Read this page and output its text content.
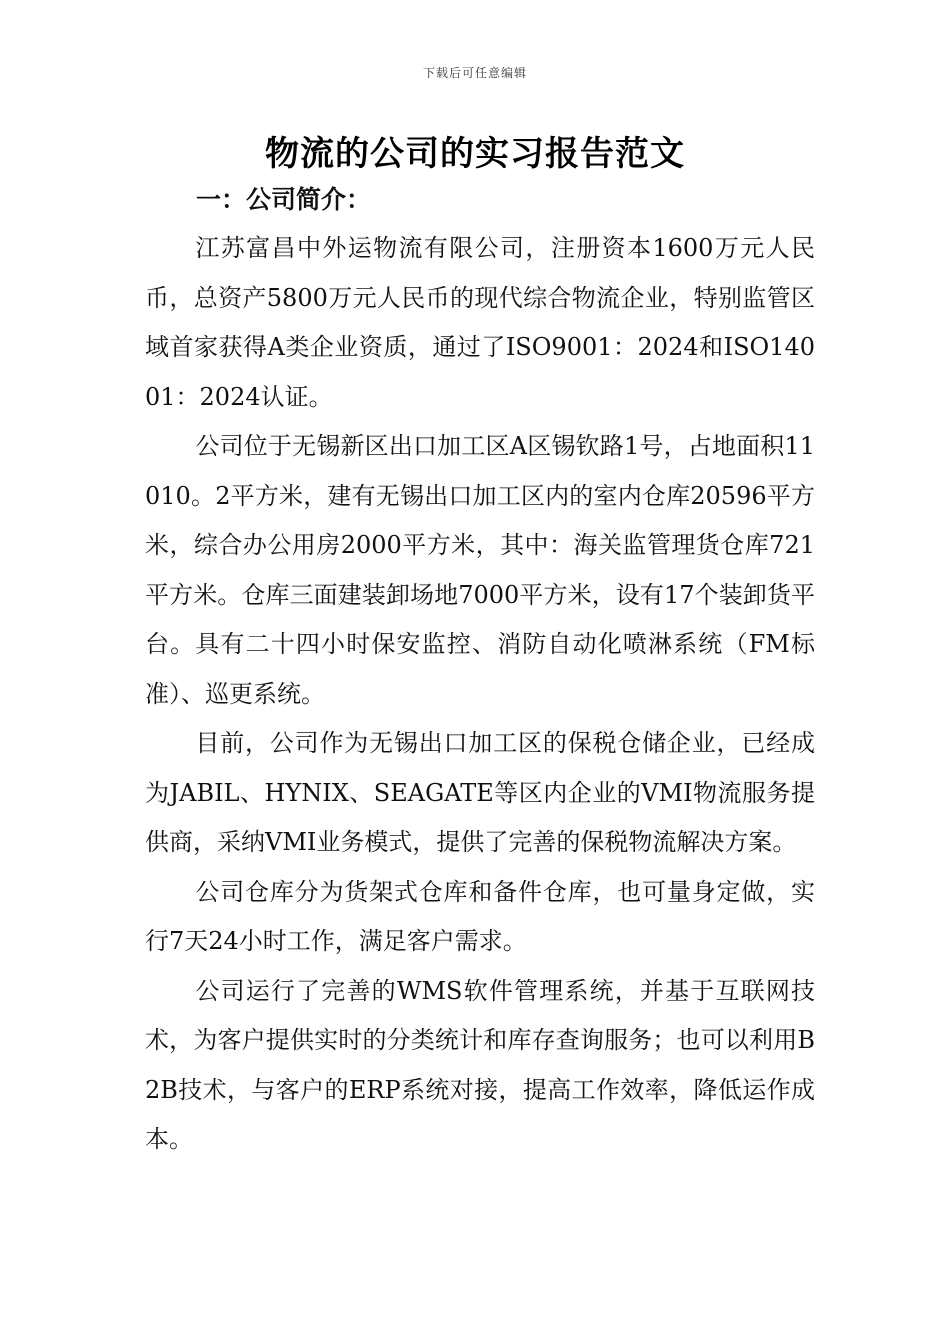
下载后可任意编辑
物流的公司的实习报告范文
一：公司简介：

江苏富昌中外运物流有限公司，注册资本1600万元人民币，总资产5800万元人民币的现代综合物流企业，特别监管区域首家获得A类企业资质，通过了ISO9001：2024和ISO14001：2024认证。

公司位于无锡新区出口加工区A区锡钦路1号，占地面积11010。2平方米，建有无锡出口加工区内的室内仓库20596平方米，综合办公用房2000平方米，其中：海关监管理货仓库721平方米。仓库三面建装卸场地7000平方米，设有17个装卸货平台。具有二十四小时保安监控、消防自动化喷淋系统（FM标准）、巡更系统。

目前，公司作为无锡出口加工区的保税仓储企业，已经成为JABIL、HYNIX、SEAGATE等区内企业的VMI物流服务提供商，采纳VMI业务模式，提供了完善的保税物流解决方案。

公司仓库分为货架式仓库和备件仓库，也可量身定做，实行7天24小时工作，满足客户需求。

公司运行了完善的WMS软件管理系统，并基于互联网技术，为客户提供实时的分类统计和库存查询服务；也可以利用B2B技术，与客户的ERP系统对接，提高工作效率，降低运作成本。
